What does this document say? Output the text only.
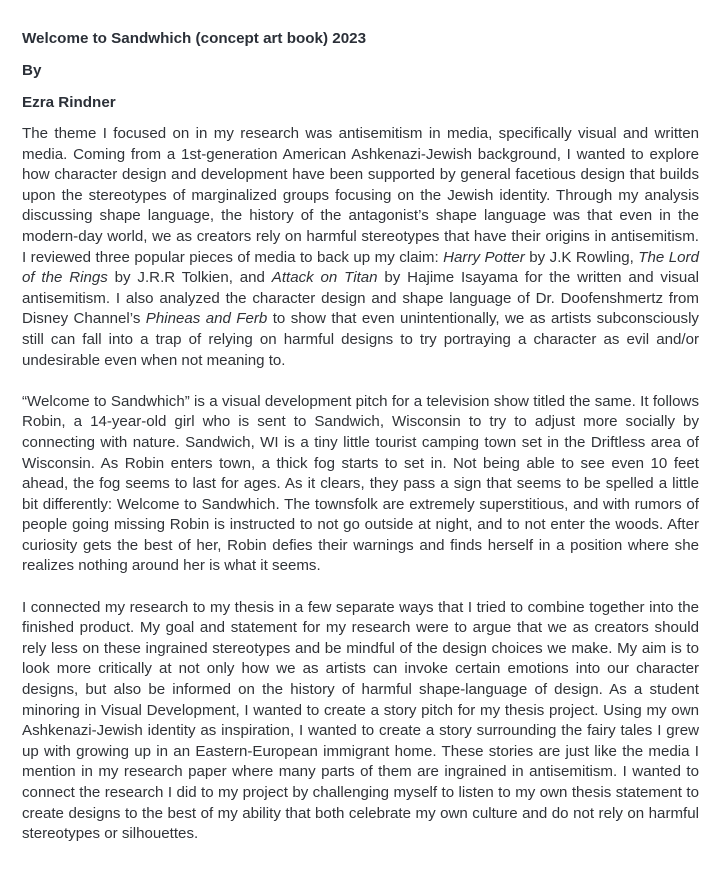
Welcome to Sandwhich (concept art book) 2023
By
Ezra Rindner

The theme I focused on in my research was antisemitism in media, specifically visual and written media. Coming from a 1st-generation American Ashkenazi-Jewish background, I wanted to explore how character design and development have been supported by general facetious design that builds upon the stereotypes of marginalized groups focusing on the Jewish identity. Through my analysis discussing shape language, the history of the antagonist’s shape language was that even in the modern-day world, we as creators rely on harmful stereotypes that have their origins in antisemitism. I reviewed three popular pieces of media to back up my claim: Harry Potter by J.K Rowling, The Lord of the Rings by J.R.R Tolkien, and Attack on Titan by Hajime Isayama for the written and visual antisemitism. I also analyzed the character design and shape language of Dr. Doofenshmertz from Disney Channel’s Phineas and Ferb to show that even unintentionally, we as artists subconsciously still can fall into a trap of relying on harmful designs to try portraying a character as evil and/or undesirable even when not meaning to.

“Welcome to Sandwhich” is a visual development pitch for a television show titled the same. It follows Robin, a 14-year-old girl who is sent to Sandwich, Wisconsin to try to adjust more socially by connecting with nature. Sandwich, WI is a tiny little tourist camping town set in the Driftless area of Wisconsin. As Robin enters town, a thick fog starts to set in. Not being able to see even 10 feet ahead, the fog seems to last for ages. As it clears, they pass a sign that seems to be spelled a little bit differently: Welcome to Sandwhich. The townsfolk are extremely superstitious, and with rumors of people going missing Robin is instructed to not go outside at night, and to not enter the woods. After curiosity gets the best of her, Robin defies their warnings and finds herself in a position where she realizes nothing around her is what it seems.

I connected my research to my thesis in a few separate ways that I tried to combine together into the finished product. My goal and statement for my research were to argue that we as creators should rely less on these ingrained stereotypes and be mindful of the design choices we make. My aim is to look more critically at not only how we as artists can invoke certain emotions into our character designs, but also be informed on the history of harmful shape-language of design. As a student minoring in Visual Development, I wanted to create a story pitch for my thesis project. Using my own Ashkenazi-Jewish identity as inspiration, I wanted to create a story surrounding the fairy tales I grew up with growing up in an Eastern-European immigrant home. These stories are just like the media I mention in my research paper where many parts of them are ingrained in antisemitism. I wanted to connect the research I did to my project by challenging myself to listen to my own thesis statement to create designs to the best of my ability that both celebrate my own culture and do not rely on harmful stereotypes or silhouettes.
